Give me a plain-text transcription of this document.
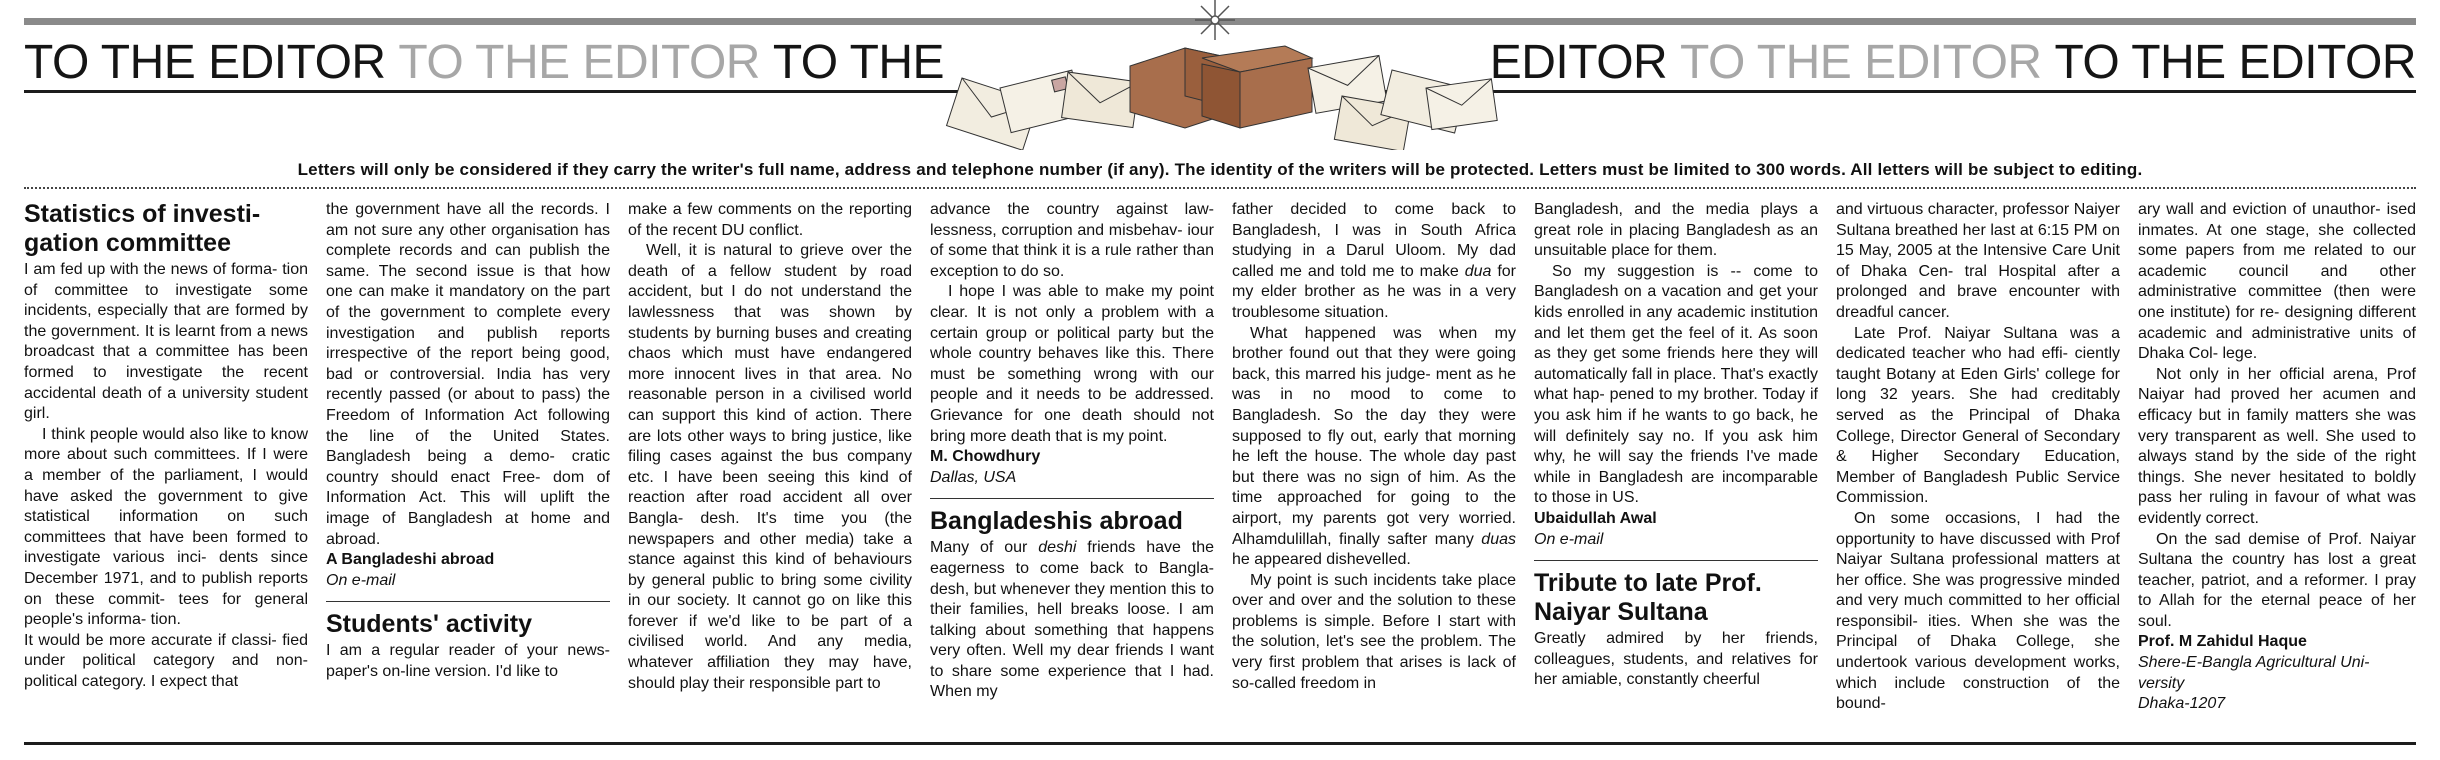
TO THE EDITOR TO THE EDITOR TO THE	EDITOR TO THE EDITOR TO THE EDITOR
Letters will only be considered if they carry the writer's full name, address and telephone number (if any). The identity of the writers will be protected. Letters must be limited to 300 words. All letters will be subject to editing.
Statistics of investi- gation committee

I am fed up with the news of forma- tion of committee to investigate some incidents, especially that are formed by the government. It is learnt from a news broadcast that a committee has been formed to investigate the recent accidental death of a university student girl.

I think people would also like to know more about such committees. If I were a member of the parliament, I would have asked the government to give statistical information on such committees that have been formed to investigate various inci- dents since December 1971, and to publish reports on these commit- tees for general people's informa- tion.

It would be more accurate if classi- fied under political category and non-political category. I expect that

the government have all the records. I am not sure any other organisation has complete records and can publish the same. The second issue is that how one can make it mandatory on the part of the government to complete every investigation and publish reports irrespective of the report being good, bad or controversial. India has very recently passed (or about to pass) the Freedom of Information Act following the line of the United States. Bangladesh being a demo- cratic country should enact Free- dom of Information Act. This will uplift the image of Bangladesh at home and abroad.

A Bangladeshi abroad

On e-mail

Students' activity

I am a regular reader of your news- paper's on-line version. I'd like to

make a few comments on the reporting of the recent DU conflict.

Well, it is natural to grieve over the death of a fellow student by road accident, but I do not understand the lawlessness that was shown by students by burning buses and creating chaos which must have endangered more innocent lives in that area. No reasonable person in a civilised world can support this kind of action. There are lots other ways to bring justice, like filing cases against the bus company etc. I have been seeing this kind of reaction after road accident all over Bangla- desh. It's time you (the newspapers and other media) take a stance against this kind of behaviours by general public to bring some civility in our society. It cannot go on like this forever if we'd like to be part of a civilised world. And any media, whatever affiliation they may have, should play their responsible part to

advance the country against law- lessness, corruption and misbehav- iour of some that think it is a rule rather than exception to do so.

I hope I was able to make my point clear. It is not only a problem with a certain group or political party but the whole country behaves like this. There must be something wrong with our people and it needs to be addressed. Grievance for one death should not bring more death that is my point.

M. Chowdhury

Dallas, USA

Bangladeshis abroad

Many of our deshi friends have the eagerness to come back to Bangla- desh, but whenever they mention this to their families, hell breaks loose. I am talking about something that happens very often. Well my dear friends I want to share some experience that I had. When my

father decided to come back to Bangladesh, I was in South Africa studying in a Darul Uloom. My dad called me and told me to make dua for my elder brother as he was in a very troublesome situation.

What happened was when my brother found out that they were going back, this marred his judge- ment as he was in no mood to come to Bangladesh. So the day they were supposed to fly out, early that morning he left the house. The whole day past but there was no sign of him. As the time approached for going to the airport, my parents got very worried. Alhamdulillah, finally safter many duas he appeared dishevelled.

My point is such incidents take place over and over and the solution to these problems is simple. Before I start with the solution, let's see the problem. The very first problem that arises is lack of so-called freedom in

Bangladesh, and the media plays a great role in placing Bangladesh as an unsuitable place for them.

So my suggestion is -- come to Bangladesh on a vacation and get your kids enrolled in any academic institution and let them get the feel of it. As soon as they get some friends here they will automatically fall in place. That's exactly what hap- pened to my brother. Today if you ask him if he wants to go back, he will definitely say no. If you ask him why, he will say the friends I've made while in Bangladesh are incomparable to those in US.

Ubaidullah Awal

On e-mail

Tribute to late Prof. Naiyar Sultana

Greatly admired by her friends, colleagues, students, and relatives for her amiable, constantly cheerful

and virtuous character, professor Naiyer Sultana breathed her last at 6:15 PM on 15 May, 2005 at the Intensive Care Unit of Dhaka Cen- tral Hospital after a prolonged and brave encounter with dreadful cancer.

Late Prof. Naiyar Sultana was a dedicated teacher who had effi- ciently taught Botany at Eden Girls' college for long 32 years. She had creditably served as the Principal of Dhaka College, Director General of Secondary & Higher Secondary Education, Member of Bangladesh Public Service Commission.

On some occasions, I had the opportunity to have discussed with Prof Naiyar Sultana professional matters at her office. She was progressive minded and very much committed to her official responsibil- ities. When she was the Principal of Dhaka College, she undertook various development works, which include construction of the bound-

ary wall and eviction of unauthor- ised inmates. At one stage, she collected some papers from me related to our academic council and other administrative committee (then were one institute) for re- designing different academic and administrative units of Dhaka Col- lege.

Not only in her official arena, Prof Naiyar had proved her acumen and efficacy but in family matters she was very transparent as well. She used to always stand by the side of the right things. She never hesitated to boldly pass her ruling in favour of what was evidently correct.

On the sad demise of Prof. Naiyar Sultana the country has lost a great teacher, patriot, and a reformer. I pray to Allah for the eternal peace of her soul.

Prof. M Zahidul Haque

Shere-E-Bangla Agricultural Uni- versity

Dhaka-1207
